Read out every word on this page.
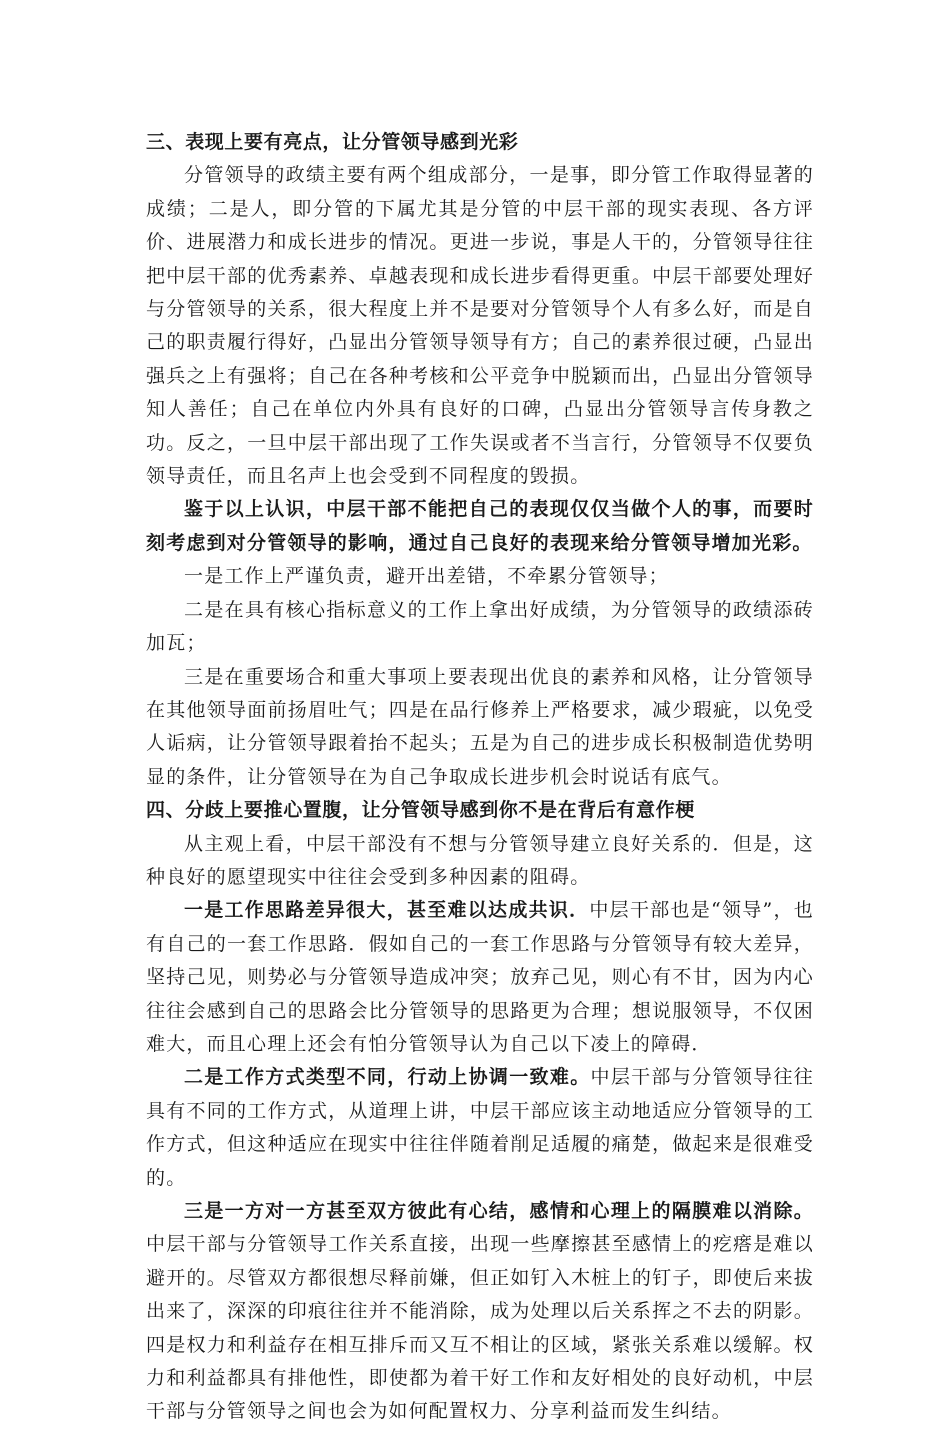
三、表现上要有亮点，让分管领导感到光彩

分管领导的政绩主要有两个组成部分，一是事，即分管工作取得显著的成绩；二是人，即分管的下属尤其是分管的中层干部的现实表现、各方评价、进展潜力和成长进步的情况。更进一步说，事是人干的，分管领导往往把中层干部的优秀素养、卓越表现和成长进步看得更重。中层干部要处理好与分管领导的关系，很大程度上并不是要对分管领导个人有多么好，而是自己的职责履行得好，凸显出分管领导领导有方；自己的素养很过硬，凸显出强兵之上有强将；自己在各种考核和公平竞争中脱颖而出，凸显出分管领导知人善任；自己在单位内外具有良好的口碑，凸显出分管领导言传身教之功。反之，一旦中层干部出现了工作失误或者不当言行，分管领导不仅要负领导责任，而且名声上也会受到不同程度的毁损。

鉴于以上认识，中层干部不能把自己的表现仅仅当做个人的事，而要时刻考虑到对分管领导的影响，通过自己良好的表现来给分管领导增加光彩。

一是工作上严谨负责，避开出差错，不牵累分管领导；

二是在具有核心指标意义的工作上拿出好成绩，为分管领导的政绩添砖加瓦；

三是在重要场合和重大事项上要表现出优良的素养和风格，让分管领导在其他领导面前扬眉吐气；四是在品行修养上严格要求，减少瑕疵，以免受人诟病，让分管领导跟着抬不起头；五是为自己的进步成长积极制造优势明显的条件，让分管领导在为自己争取成长进步机会时说话有底气。

四、分歧上要推心置腹，让分管领导感到你不是在背后有意作梗

从主观上看，中层干部没有不想与分管领导建立良好关系的．但是，这种良好的愿望现实中往往会受到多种因素的阻碍。

一是工作思路差异很大，甚至难以达成共识．中层干部也是“领导”，也有自己的一套工作思路．假如自己的一套工作思路与分管领导有较大差异，坚持己见，则势必与分管领导造成冲突；放弃己见，则心有不甘，因为内心往往会感到自己的思路会比分管领导的思路更为合理；想说服领导，不仅困难大，而且心理上还会有怕分管领导认为自己以下凌上的障碍．

二是工作方式类型不同，行动上协调一致难。中层干部与分管领导往往具有不同的工作方式，从道理上讲，中层干部应该主动地适应分管领导的工作方式，但这种适应在现实中往往伴随着削足适履的痛楚，做起来是很难受的。

三是一方对一方甚至双方彼此有心结，感情和心理上的隔膜难以消除。中层干部与分管领导工作关系直接，出现一些摩擦甚至感情上的疙瘩是难以避开的。尽管双方都很想尽释前嫌，但正如钉入木桩上的钉子，即使后来拔出来了，深深的印痕往往并不能消除，成为处理以后关系挥之不去的阴影。四是权力和利益存在相互排斥而又互不相让的区域，紧张关系难以缓解。权力和利益都具有排他性，即使都为着干好工作和友好相处的良好动机，中层干部与分管领导之间也会为如何配置权力、分享利益而发生纠结。
